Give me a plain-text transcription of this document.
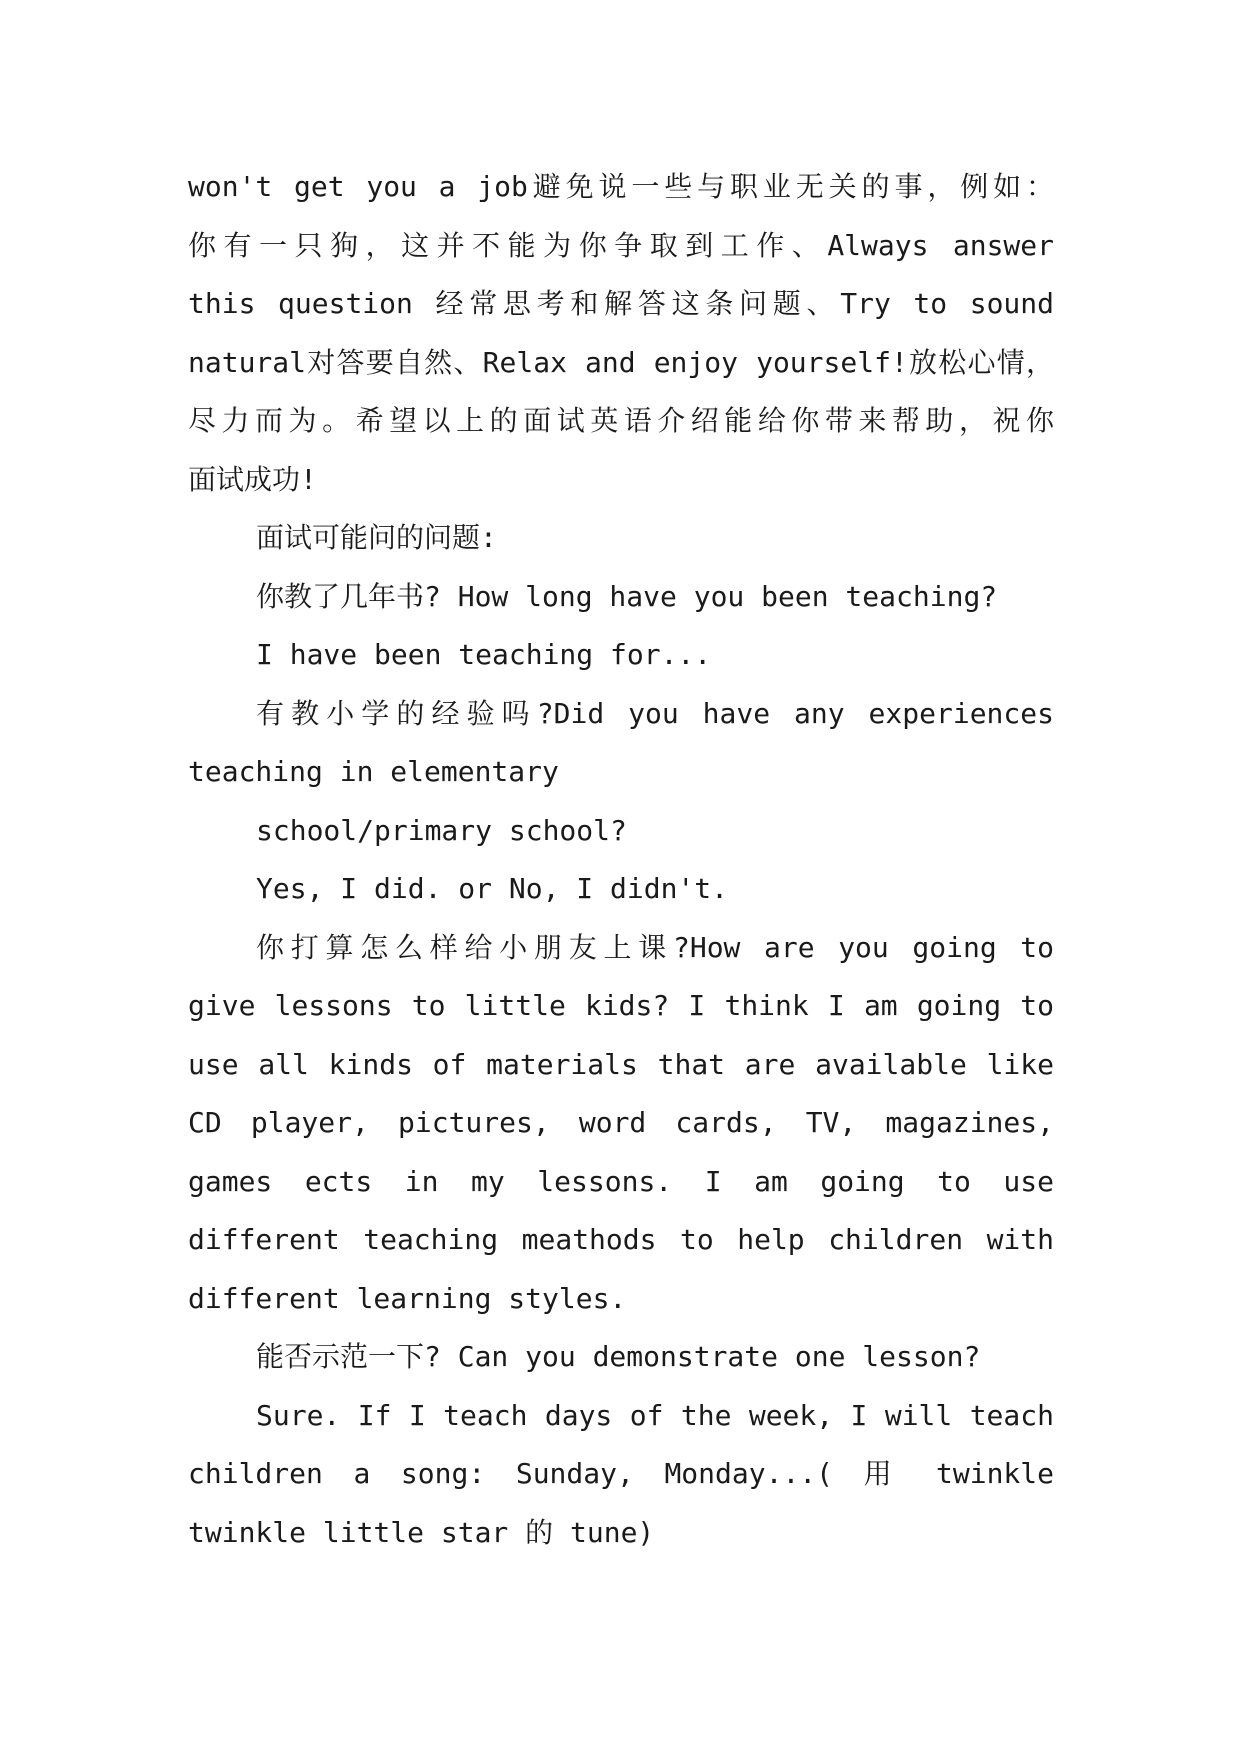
won't get you a job避免说一些与职业无关的事，例如：
你有一只狗，这并不能为你争取到工作、Always answer
this question 经常思考和解答这条问题、Try to sound
natural对答要自然、Relax and enjoy yourself!放松心情，
尽力而为。希望以上的面试英语介绍能给你带来帮助，祝你
面试成功!
面试可能问的问题:
你教了几年书? How long have you been teaching?
I have been teaching for...
有教小学的经验吗?Did you have any experiences
teaching in elementary
school/primary school?
Yes, I did. or No, I didn't.
你打算怎么样给小朋友上课?How are you going to
give lessons to little kids? I think I am going to
use all kinds of materials that are available like
CD player, pictures, word cards, TV, magazines,
games ects in my lessons. I am going to use
different teaching meathods to help children with
different learning styles.
能否示范一下? Can you demonstrate one lesson?
Sure. If I teach days of the week, I will teach
children a song: Sunday, Monday...( 用 twinkle
twinkle little star 的 tune)
